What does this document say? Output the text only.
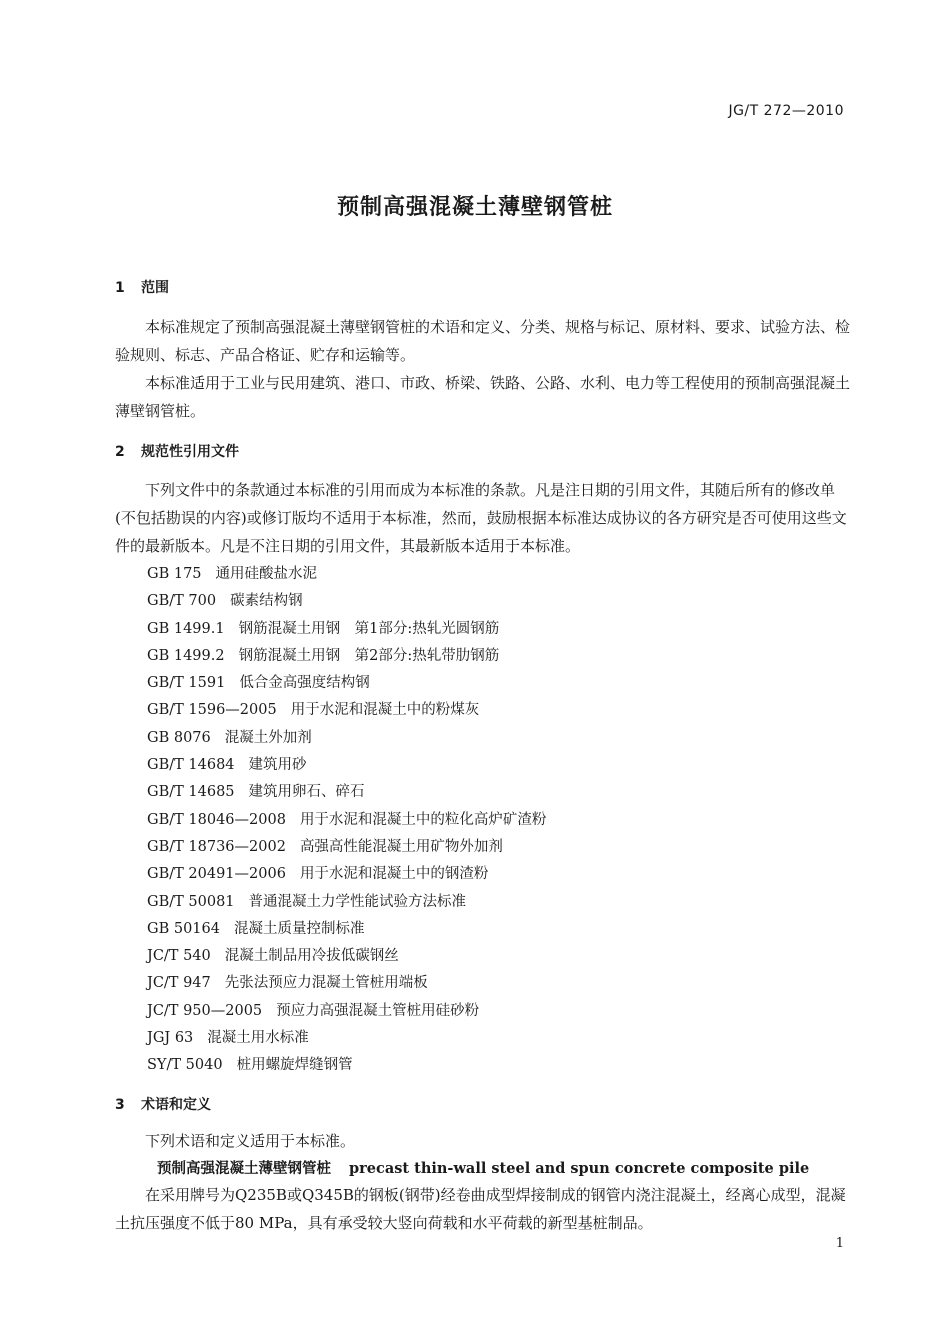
JG/T 272—2010
预制高强混凝土薄壁钢管桩
1 范围
本标准规定了预制高强混凝土薄壁钢管桩的术语和定义、分类、规格与标记、原材料、要求、试验方法、检验规则、标志、产品合格证、贮存和运输等。
本标准适用于工业与民用建筑、港口、市政、桥梁、铁路、公路、水利、电力等工程使用的预制高强混凝土薄壁钢管桩。
2 规范性引用文件
下列文件中的条款通过本标准的引用而成为本标准的条款。凡是注日期的引用文件，其随后所有的修改单(不包括勘误的内容)或修订版均不适用于本标准，然而，鼓励根据本标准达成协议的各方研究是否可使用这些文件的最新版本。凡是不注日期的引用文件，其最新版本适用于本标准。
GB 175 通用硅酸盐水泥
GB/T 700 碳素结构钢
GB 1499.1 钢筋混凝土用钢　第1部分:热轧光圆钢筋
GB 1499.2 钢筋混凝土用钢　第2部分:热轧带肋钢筋
GB/T 1591 低合金高强度结构钢
GB/T 1596—2005 用于水泥和混凝土中的粉煤灰
GB 8076 混凝土外加剂
GB/T 14684 建筑用砂
GB/T 14685 建筑用卵石、碎石
GB/T 18046—2008 用于水泥和混凝土中的粒化高炉矿渣粉
GB/T 18736—2002 高强高性能混凝土用矿物外加剂
GB/T 20491—2006 用于水泥和混凝土中的钢渣粉
GB/T 50081 普通混凝土力学性能试验方法标准
GB 50164 混凝土质量控制标准
JC/T 540 混凝土制品用冷拔低碳钢丝
JC/T 947 先张法预应力混凝土管桩用端板
JC/T 950—2005 预应力高强混凝土管桩用硅砂粉
JGJ 63 混凝土用水标准
SY/T 5040 桩用螺旋焊缝钢管
3 术语和定义
下列术语和定义适用于本标准。
预制高强混凝土薄壁钢管桩 precast thin-wall steel and spun concrete composite pile
在采用牌号为Q235B或Q345B的钢板(钢带)经卷曲成型焊接制成的钢管内浇注混凝土，经离心成型，混凝土抗压强度不低于80 MPa，具有承受较大竖向荷载和水平荷载的新型基桩制品。
1
